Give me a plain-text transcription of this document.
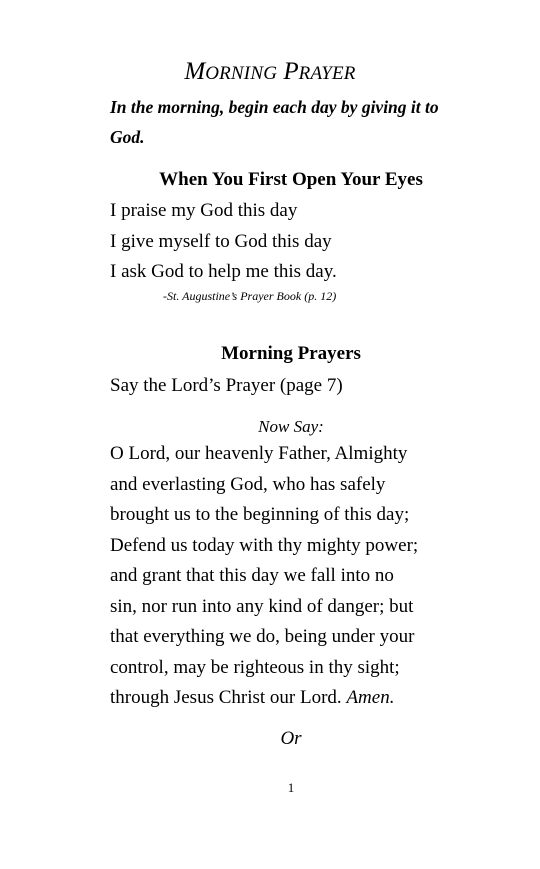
MORNING PRAYER
In the morning, begin each day by giving it to
God.
When You First Open Your Eyes
I praise my God this day
I give myself to God this day
I ask God to help me this day.
-St. Augustine’s Prayer Book (p. 12)
Morning Prayers
Say the Lord’s Prayer (page 7)
Now Say:
O Lord, our heavenly Father, Almighty
and everlasting God, who has safely
brought us to the beginning of this day;
Defend us today with thy mighty power;
and grant that this day we fall into no
sin, nor run into any kind of danger; but
that everything we do, being under your
control, may be righteous in thy sight;
through Jesus Christ our Lord. Amen.
Or
1
